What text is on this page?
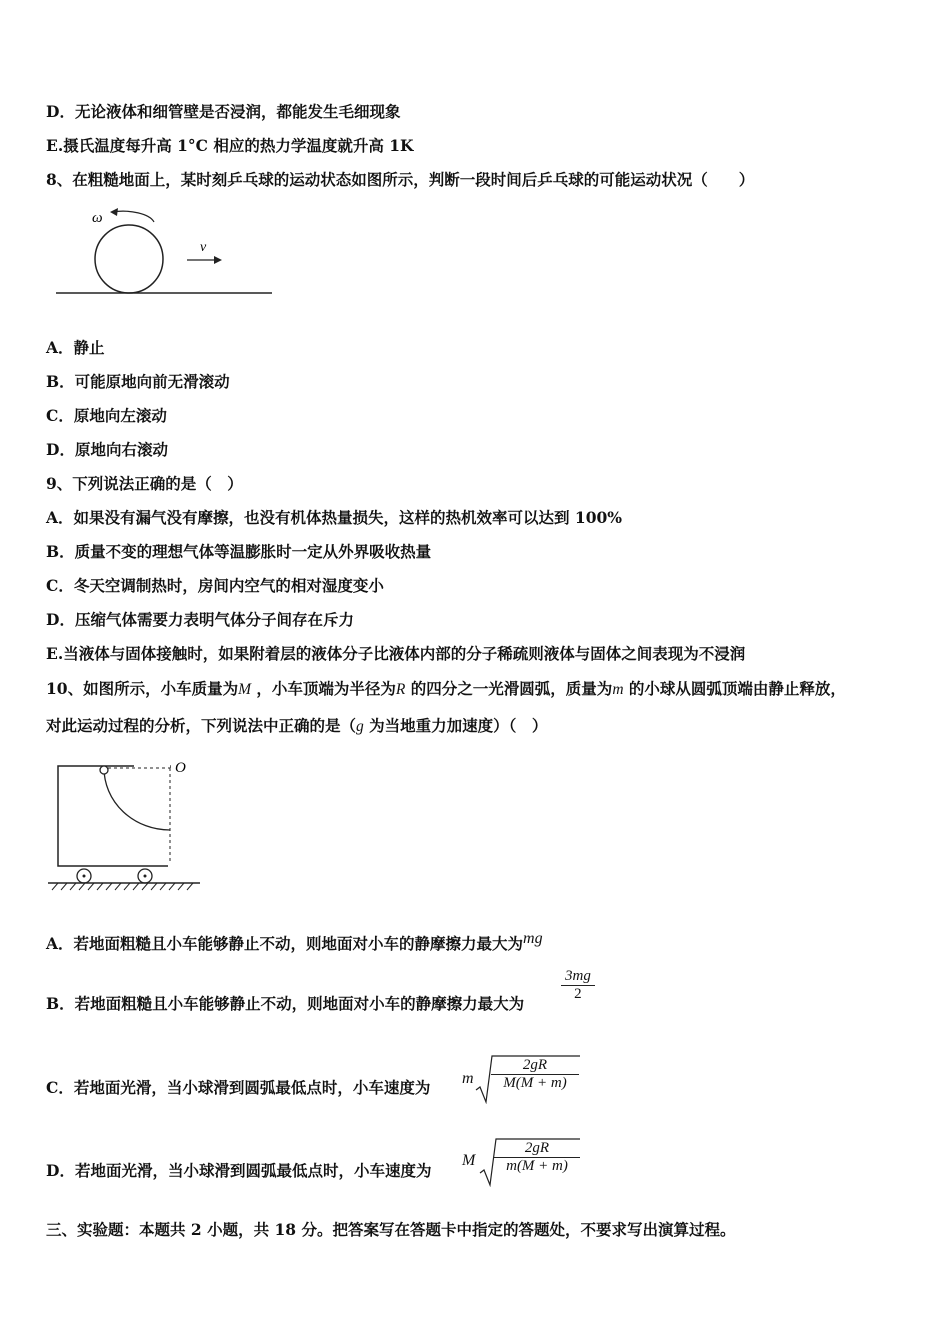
D．无论液体和细管壁是否浸润，都能发生毛细现象
E.摄氏温度每升高 1°C 相应的热力学温度就升高 1K
8、在粗糙地面上，某时刻乒乓球的运动状态如图所示，判断一段时间后乒乓球的可能运动状况（　　）
ω
v
A．静止
B．可能原地向前无滑滚动
C．原地向左滚动
D．原地向右滚动
9、下列说法正确的是（　）
A．如果没有漏气没有摩擦，也没有机体热量损失，这样的热机效率可以达到 100%
B．质量不变的理想气体等温膨胀时一定从外界吸收热量
C．冬天空调制热时，房间内空气的相对湿度变小
D．压缩气体需要力表明气体分子间存在斥力
E.当液体与固体接触时，如果附着层的液体分子比液体内部的分子稀疏则液体与固体之间表现为不浸润
10、如图所示，小车质量为M ，小车顶端为半径为R 的四分之一光滑圆弧，质量为m 的小球从圆弧顶端由静止释放，
对此运动过程的分析，下列说法中正确的是（g 为当地重力加速度）（　）
O
A．若地面粗糙且小车能够静止不动，则地面对小车的静摩擦力最大为mg
B．若地面粗糙且小车能够静止不动，则地面对小车的静摩擦力最大为
3mg
2
C．若地面光滑，当小球滑到圆弧最低点时，小车速度为 m
2gR
M(M + m)
D．若地面光滑，当小球滑到圆弧最低点时，小车速度为
M
2gR
m(M + m)
三、实验题：本题共 2 小题，共 18 分。把答案写在答题卡中指定的答题处，不要求写出演算过程。
